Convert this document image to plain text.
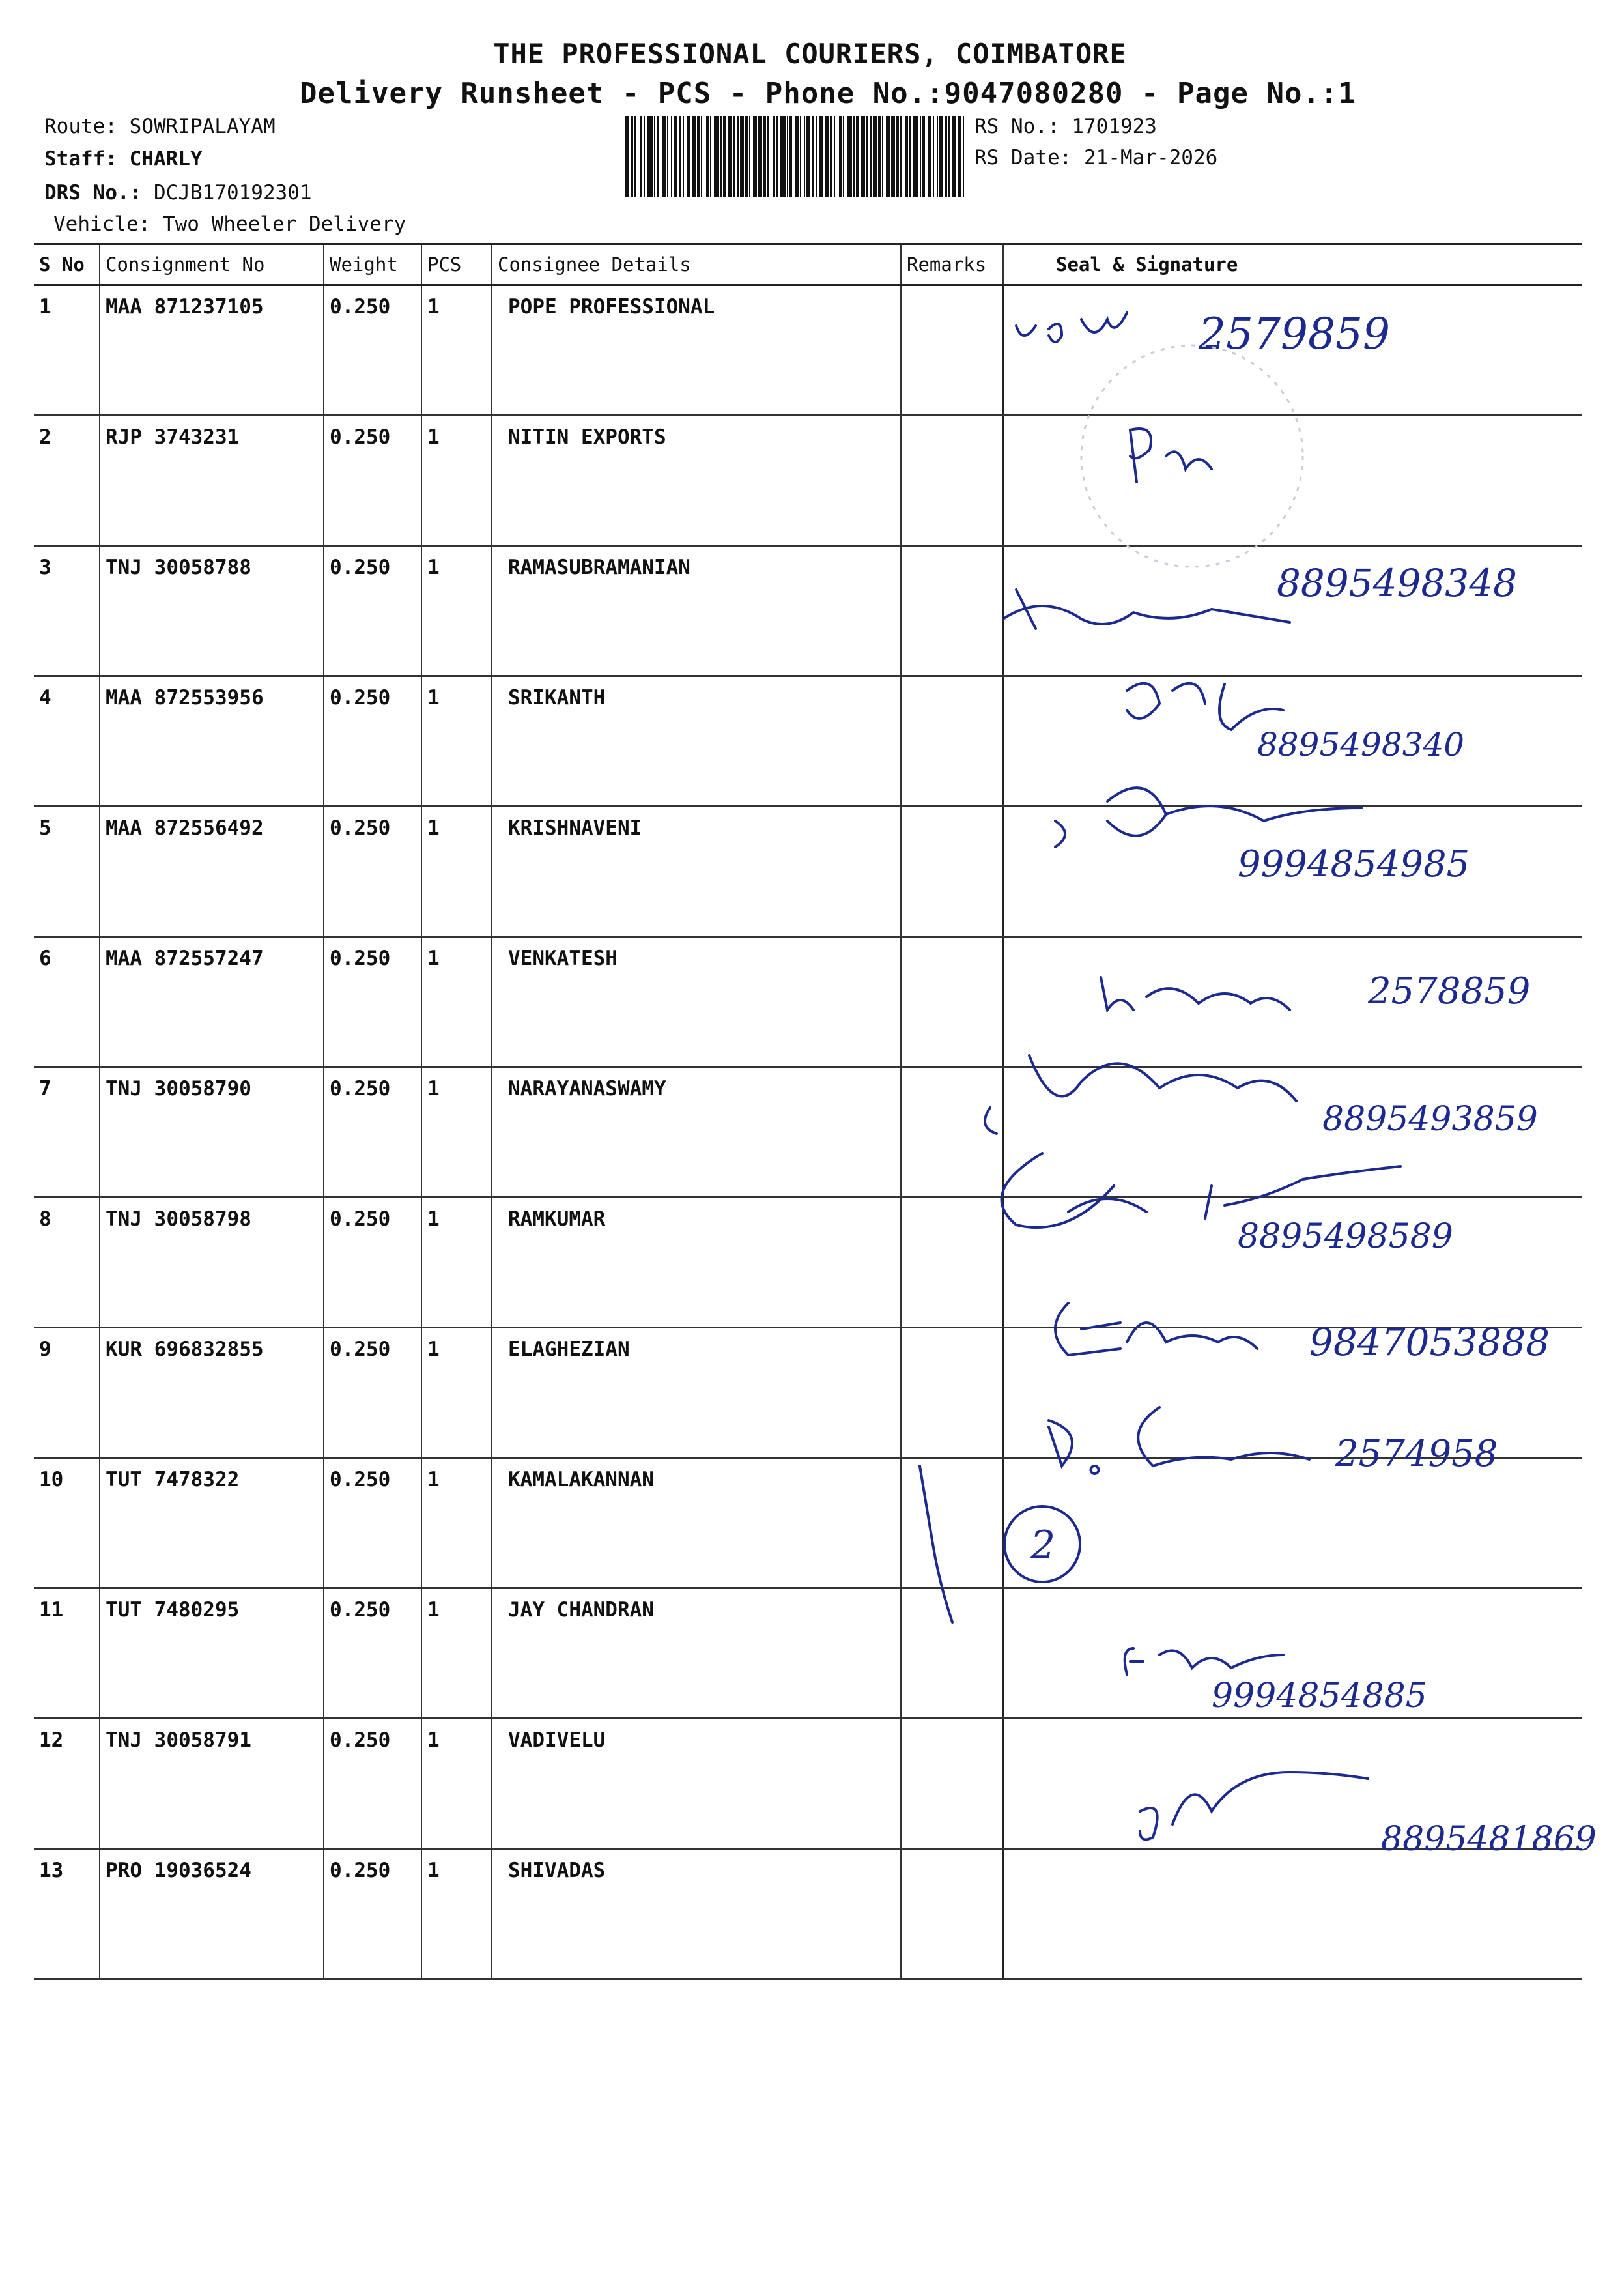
THE PROFESSIONAL COURIERS, COIMBATORE
Delivery Runsheet - PCS - Phone No.:9047080280 - Page No.:1
Route: SOWRIPALAYAM
Staff: CHARLY
DRS No.: DCJB170192301
Vehicle: Two Wheeler Delivery
RS No.: 1701923
RS Date: 21-Mar-2026
S No	Consignment No	Weight	PCS	Consignee Details	Remarks	Seal & Signature
1	MAA 871237105	0.250	1	POPE PROFESSIONAL		
2	RJP 3743231	0.250	1	NITIN EXPORTS		
3	TNJ 30058788	0.250	1	RAMASUBRAMANIAN		
4	MAA 872553956	0.250	1	SRIKANTH		
5	MAA 872556492	0.250	1	KRISHNAVENI		
6	MAA 872557247	0.250	1	VENKATESH		
7	TNJ 30058790	0.250	1	NARAYANASWAMY		
8	TNJ 30058798	0.250	1	RAMKUMAR		
9	KUR 696832855	0.250	1	ELAGHEZIAN		
10	TUT 7478322	0.250	1	KAMALAKANNAN		
11	TUT 7480295	0.250	1	JAY CHANDRAN		
12	TNJ 30058791	0.250	1	VADIVELU		
13	PRO 19036524	0.250	1	SHIVADAS		
2579859
8895498348
8895498340
9994854985
2578859
8895493859
8895498589
9847053888
2574958
2
9994854885
8895481869
